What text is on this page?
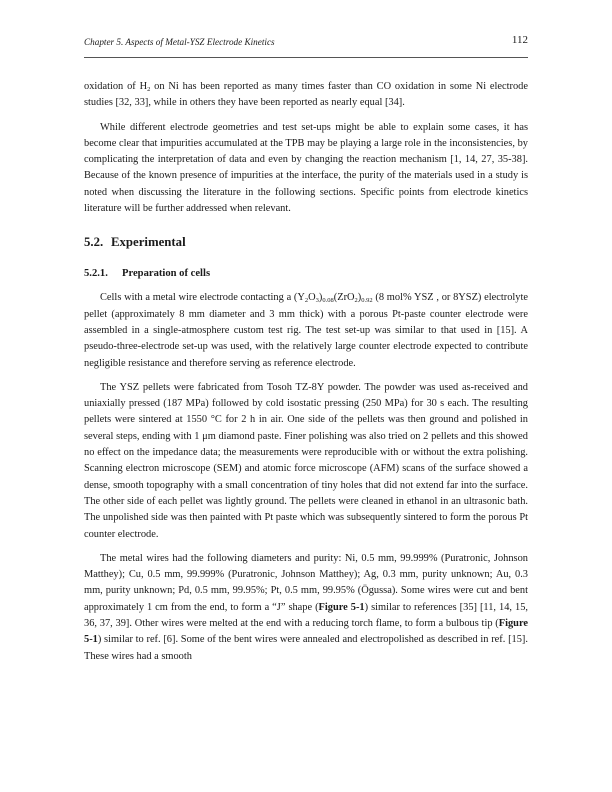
Chapter 5. Aspects of Metal-YSZ Electrode Kinetics	112

oxidation of $H_2$ on Ni has been reported as many times faster than CO oxidation in some Ni electrode studies [32, 33], while in others they have been reported as nearly equal [34].

While different electrode geometries and test set-ups might be able to explain some cases, it has become clear that impurities accumulated at the TPB may be playing a large role in the inconsistencies, by complicating the interpretation of data and even by changing the reaction mechanism [1, 14, 27, 35-38]. Because of the known presence of impurities at the interface, the purity of the materials used in a study is noted when discussing the literature in the following sections. Specific points from electrode kinetics literature will be further addressed when relevant.

5.2. Experimental
5.2.1. Preparation of cells

Cells with a metal wire electrode contacting a $(Y_2O_3)_{0.08}(ZrO_2)_{0.92}$ (8 mol% YSZ , or 8YSZ) electrolyte pellet (approximately 8 mm diameter and 3 mm thick) with a porous Pt-paste counter electrode were assembled in a single-atmosphere custom test rig. The test set-up was similar to that used in [15]. A pseudo-three-electrode set-up was used, with the relatively large counter electrode expected to contribute negligible resistance and therefore serving as reference electrode.

The YSZ pellets were fabricated from Tosoh TZ-8Y powder. The powder was used as-received and uniaxially pressed (187 MPa) followed by cold isostatic pressing (250 MPa) for 30 s each. The resulting pellets were sintered at 1550 °C for 2 h in air. One side of the pellets was then ground and polished in several steps, ending with 1 μm diamond paste. Finer polishing was also tried on 2 pellets and this showed no effect on the impedance data; the measurements were reproducible with or without the extra polishing. Scanning electron microscope (SEM) and atomic force microscope (AFM) scans of the surface showed a dense, smooth topography with a small concentration of tiny holes that did not extend far into the surface. The other side of each pellet was lightly ground. The pellets were cleaned in ethanol in an ultrasonic bath. The unpolished side was then painted with Pt paste which was subsequently sintered to form the porous Pt counter electrode.

The metal wires had the following diameters and purity: Ni, 0.5 mm, 99.999% (Puratronic, Johnson Matthey); Cu, 0.5 mm, 99.999% (Puratronic, Johnson Matthey); Ag, 0.3 mm, purity unknown; Au, 0.3 mm, purity unknown; Pd, 0.5 mm, 99.95%; Pt, 0.5 mm, 99.95% (Ögussa). Some wires were cut and bent approximately 1 cm from the end, to form a “J” shape (Figure 5-1) similar to references [35] [11, 14, 15, 36, 37, 39]. Other wires were melted at the end with a reducing torch flame, to form a bulbous tip (Figure 5-1) similar to ref. [6]. Some of the bent wires were annealed and electropolished as described in ref. [15]. These wires had a smooth
